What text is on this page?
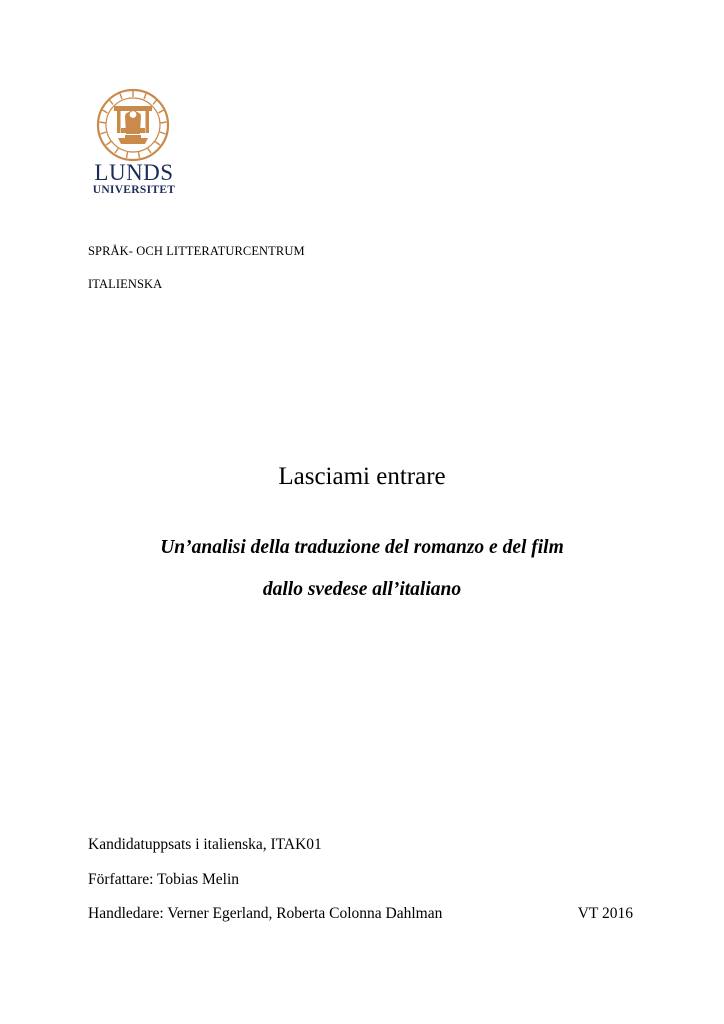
LUNDS
UNIVERSITET
SPRÅK- OCH LITTERATURCENTRUM
ITALIENSKA
Lasciami entrare
Un’analisi della traduzione del romanzo e del film
dallo svedese all’italiano
Kandidatuppsats i italienska, ITAK01
Författare: Tobias Melin
Handledare: Verner Egerland, Roberta Colonna Dahlman	VT 2016
